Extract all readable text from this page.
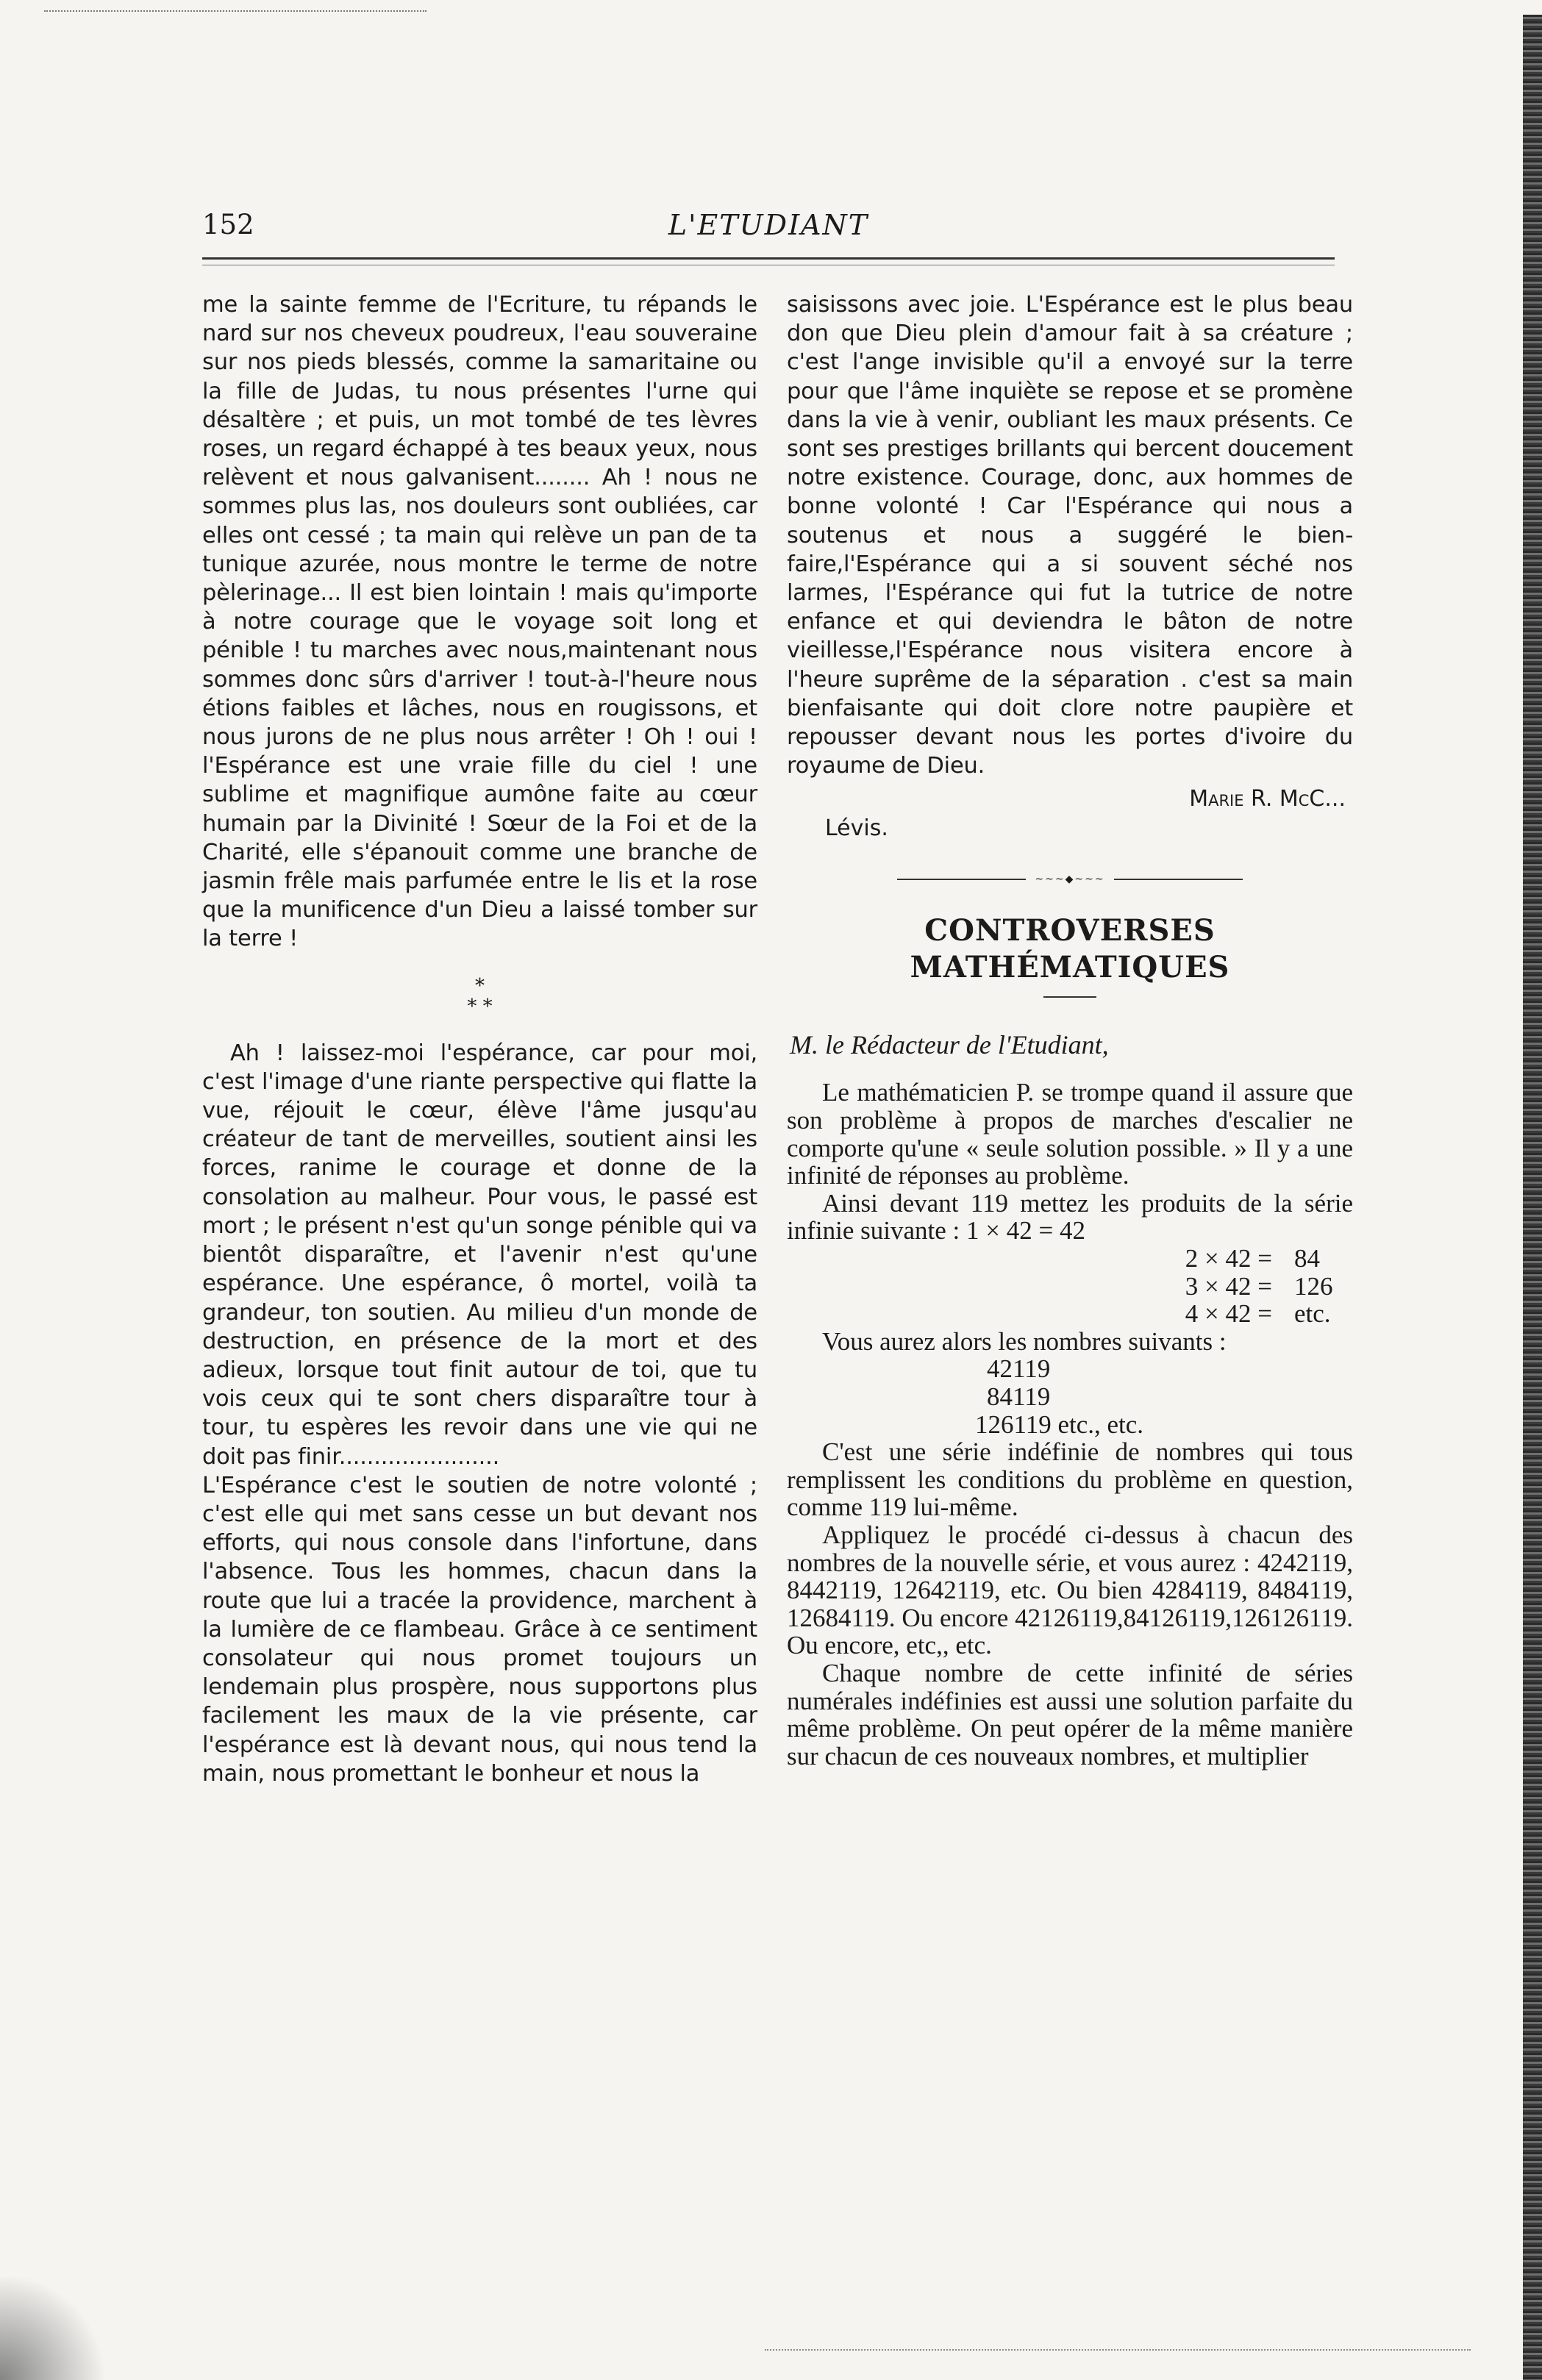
152	L'ETUDIANT

me la sainte femme de l'Ecriture, tu répands le nard sur nos cheveux poudreux, l'eau souveraine sur nos pieds blessés, comme la samaritaine ou la fille de Judas, tu nous présentes l'urne qui désaltère ; et puis, un mot tombé de tes lèvres roses, un regard échappé à tes beaux yeux, nous relèvent et nous galvanisent........ Ah ! nous ne sommes plus las, nos douleurs sont oubliées, car elles ont cessé ; ta main qui relève un pan de ta tunique azurée, nous montre le terme de notre pèlerinage... Il est bien lointain ! mais qu'importe à notre courage que le voyage soit long et pénible ! tu marches avec nous,maintenant nous sommes donc sûrs d'arriver ! tout-à-l'heure nous étions faibles et lâches, nous en rougissons, et nous jurons de ne plus nous arrêter ! Oh ! oui ! l'Espérance est une vraie fille du ciel ! une sublime et magnifique aumône faite au cœur humain par la Divinité ! Sœur de la Foi et de la Charité, elle s'épanouit comme une branche de jasmin frêle mais parfumée entre le lis et la rose que la munificence d'un Dieu a laissé tomber sur la terre !

*
* *

Ah ! laissez-moi l'espérance, car pour moi, c'est l'image d'une riante perspective qui flatte la vue, réjouit le cœur, élève l'âme jusqu'au créateur de tant de merveilles, soutient ainsi les forces, ranime le courage et donne de la consolation au malheur. Pour vous, le passé est mort ; le présent n'est qu'un songe pénible qui va bientôt disparaître, et l'avenir n'est qu'une espérance. Une espérance, ô mortel, voilà ta grandeur, ton soutien. Au milieu d'un monde de destruction, en présence de la mort et des adieux, lorsque tout finit autour de toi, que tu vois ceux qui te sont chers disparaître tour à tour, tu espères les revoir dans une vie qui ne doit pas finir.......................

L'Espérance c'est le soutien de notre volonté ; c'est elle qui met sans cesse un but devant nos efforts, qui nous console dans l'infortune, dans l'absence. Tous les hommes, chacun dans la route que lui a tracée la providence, marchent à la lumière de ce flambeau. Grâce à ce sentiment consolateur qui nous promet toujours un lendemain plus prospère, nous supportons plus facilement les maux de la vie présente, car l'espérance est là devant nous, qui nous tend la main, nous promettant le bonheur et nous la

saisissons avec joie. L'Espérance est le plus beau don que Dieu plein d'amour fait à sa créature ; c'est l'ange invisible qu'il a envoyé sur la terre pour que l'âme inquiète se repose et se promène dans la vie à venir, oubliant les maux présents. Ce sont ses prestiges brillants qui bercent doucement notre existence. Courage, donc, aux hommes de bonne volonté ! Car l'Espérance qui nous a soutenus et nous a suggéré le bien-faire,l'Espérance qui a si souvent séché nos larmes, l'Espérance qui fut la tutrice de notre enfance et qui deviendra le bâton de notre vieillesse,l'Espérance nous visitera encore à l'heure suprême de la séparation . c'est sa main bienfaisante qui doit clore notre paupière et repousser devant nous les portes d'ivoire du royaume de Dieu.

Marie R. McC...
Lévis.
~~~◆~~~
CONTROVERSES MATHÉMATIQUES
M. le Rédacteur de l'Etudiant,

Le mathématicien P. se trompe quand il assure que son problème à propos de marches d'escalier ne comporte qu'une « seule solution possible. » Il y a une infinité de réponses au problème.

Ainsi devant 119 mettez les produits de la série infinie suivante : 1 × 42 = 42

2 × 42 = 84
3 × 42 = 126
4 × 42 = etc.

Vous aurez alors les nombres suivants :

42119
84119
126119 etc., etc.

C'est une série indéfinie de nombres qui tous remplissent les conditions du problème en question, comme 119 lui-même.

Appliquez le procédé ci-dessus à chacun des nombres de la nouvelle série, et vous aurez : 4242119, 8442119, 12642119, etc. Ou bien 4284119, 8484119, 12684119. Ou encore 42126119,84126119,126126119. Ou encore, etc,, etc.

Chaque nombre de cette infinité de séries numérales indéfinies est aussi une solution parfaite du même problème. On peut opérer de la même manière sur chacun de ces nouveaux nombres, et multiplier
